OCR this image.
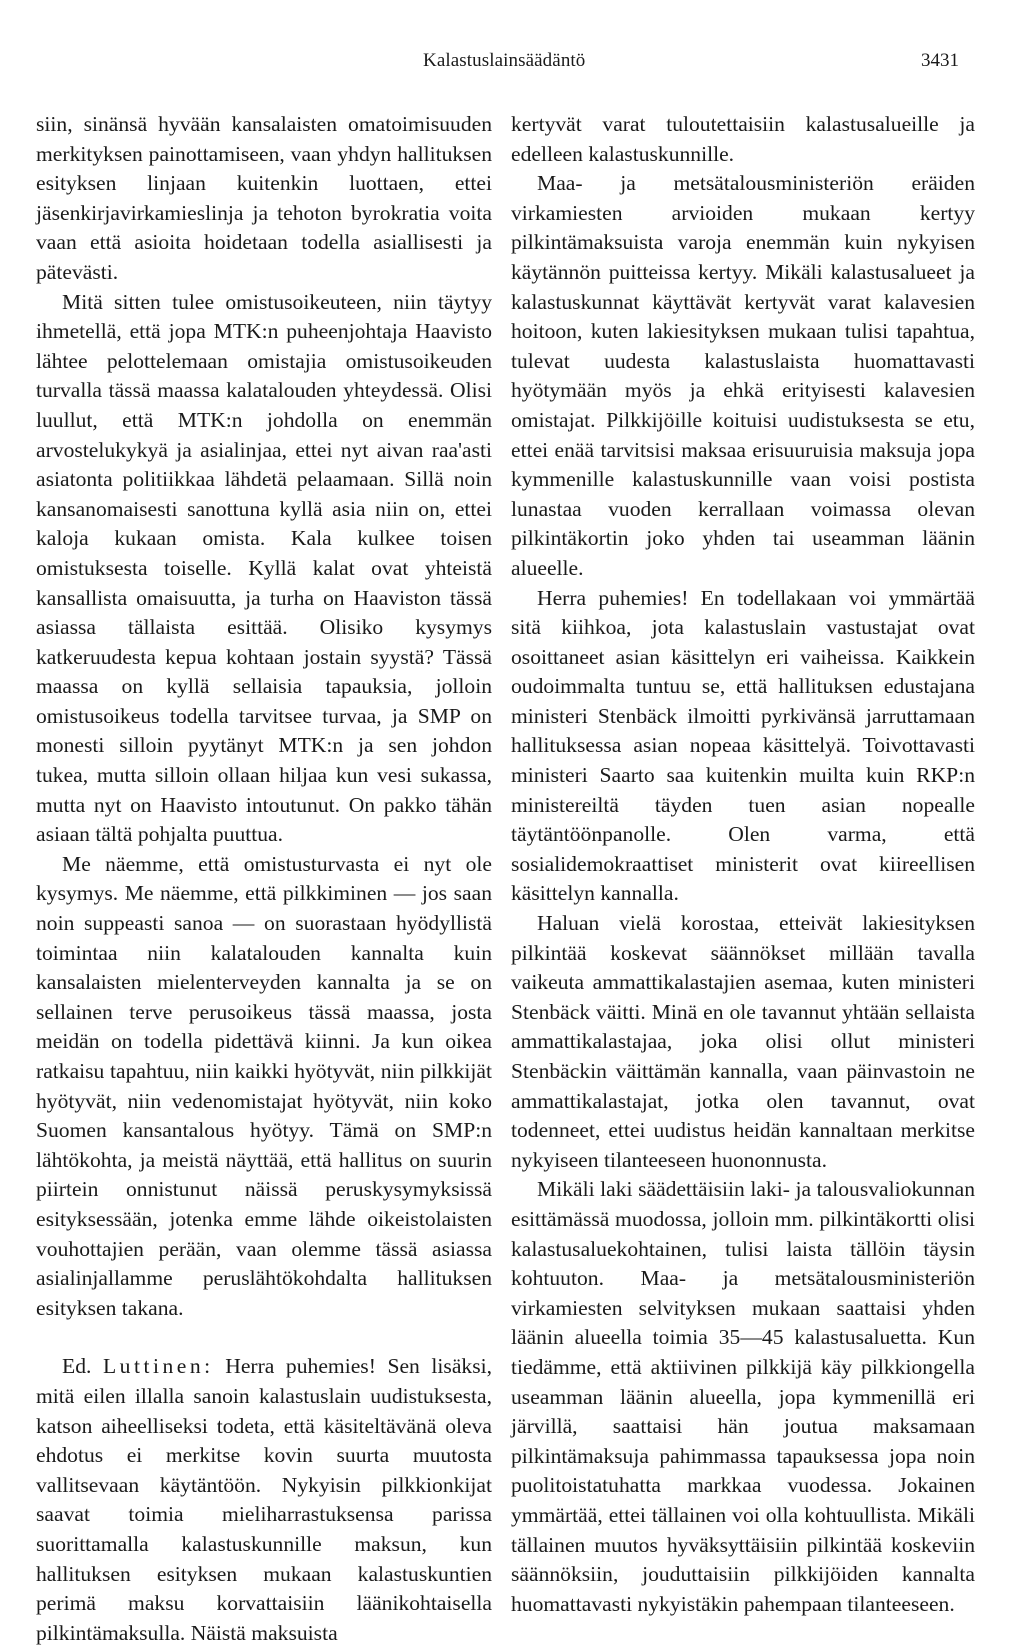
Kalastuslainsäädäntö	3431

siin, sinänsä hyvään kansalaisten omatoimisuuden merkityksen painottamiseen, vaan yhdyn hallituksen esityksen linjaan kuitenkin luottaen, ettei jäsenkirjavirkamieslinja ja tehoton byrokratia voita vaan että asioita hoidetaan todella asiallisesti ja pätevästi.

Mitä sitten tulee omistusoikeuteen, niin täytyy ihmetellä, että jopa MTK:n puheenjohtaja Haavisto lähtee pelottelemaan omistajia omistusoikeuden turvalla tässä maassa kalatalouden yhteydessä. Olisi luullut, että MTK:n johdolla on enemmän arvostelukykyä ja asialinjaa, ettei nyt aivan raa'asti asiatonta politiikkaa lähdetä pelaamaan. Sillä noin kansanomaisesti sanottuna kyllä asia niin on, ettei kaloja kukaan omista. Kala kulkee toisen omistuksesta toiselle. Kyllä kalat ovat yhteistä kansallista omaisuutta, ja turha on Haaviston tässä asiassa tällaista esittää. Olisiko kysymys katkeruudesta kepua kohtaan jostain syystä? Tässä maassa on kyllä sellaisia tapauksia, jolloin omistusoikeus todella tarvitsee turvaa, ja SMP on monesti silloin pyytänyt MTK:n ja sen johdon tukea, mutta silloin ollaan hiljaa kun vesi sukassa, mutta nyt on Haavisto intoutunut. On pakko tähän asiaan tältä pohjalta puuttua.

Me näemme, että omistusturvasta ei nyt ole kysymys. Me näemme, että pilkkiminen — jos saan noin suppeasti sanoa — on suorastaan hyödyllistä toimintaa niin kalatalouden kannalta kuin kansalaisten mielenterveyden kannalta ja se on sellainen terve perusoikeus tässä maassa, josta meidän on todella pidettävä kiinni. Ja kun oikea ratkaisu tapahtuu, niin kaikki hyötyvät, niin pilkkijät hyötyvät, niin vedenomistajat hyötyvät, niin koko Suomen kansantalous hyötyy. Tämä on SMP:n lähtökohta, ja meistä näyttää, että hallitus on suurin piirtein onnistunut näissä peruskysymyksissä esityksessään, jotenka emme lähde oikeistolaisten vouhottajien perään, vaan olemme tässä asiassa asialinjallamme peruslähtökohdalta hallituksen esityksen takana.

Ed. Luttinen: Herra puhemies! Sen lisäksi, mitä eilen illalla sanoin kalastuslain uudistuksesta, katson aiheelliseksi todeta, että käsiteltävänä oleva ehdotus ei merkitse kovin suurta muutosta vallitsevaan käytäntöön. Nykyisin pilkkionkijat saavat toimia mieliharrastuksensa parissa suorittamalla kalastuskunnille maksun, kun hallituksen esityksen mukaan kalastuskuntien perimä maksu korvattaisiin läänikohtaisella pilkintämaksulla. Näistä maksuista

kertyvät varat tuloutettaisiin kalastusalueille ja edelleen kalastuskunnille.

Maa- ja metsätalousministeriön eräiden virkamiesten arvioiden mukaan kertyy pilkintämaksuista varoja enemmän kuin nykyisen käytännön puitteissa kertyy. Mikäli kalastusalueet ja kalastuskunnat käyttävät kertyvät varat kalavesien hoitoon, kuten lakiesityksen mukaan tulisi tapahtua, tulevat uudesta kalastuslaista huomattavasti hyötymään myös ja ehkä erityisesti kalavesien omistajat. Pilkkijöille koituisi uudistuksesta se etu, ettei enää tarvitsisi maksaa erisuuruisia maksuja jopa kymmenille kalastuskunnille vaan voisi postista lunastaa vuoden kerrallaan voimassa olevan pilkintäkortin joko yhden tai useamman läänin alueelle.

Herra puhemies! En todellakaan voi ymmärtää sitä kiihkoa, jota kalastuslain vastustajat ovat osoittaneet asian käsittelyn eri vaiheissa. Kaikkein oudoimmalta tuntuu se, että hallituksen edustajana ministeri Stenbäck ilmoitti pyrkivänsä jarruttamaan hallituksessa asian nopeaa käsittelyä. Toivottavasti ministeri Saarto saa kuitenkin muilta kuin RKP:n ministereiltä täyden tuen asian nopealle täytäntöönpanolle. Olen varma, että sosialidemokraattiset ministerit ovat kiireellisen käsittelyn kannalla.

Haluan vielä korostaa, etteivät lakiesityksen pilkintää koskevat säännökset millään tavalla vaikeuta ammattikalastajien asemaa, kuten ministeri Stenbäck väitti. Minä en ole tavannut yhtään sellaista ammattikalastajaa, joka olisi ollut ministeri Stenbäckin väittämän kannalla, vaan päinvastoin ne ammattikalastajat, jotka olen tavannut, ovat todenneet, ettei uudistus heidän kannaltaan merkitse nykyiseen tilanteeseen huononnusta.

Mikäli laki säädettäisiin laki- ja talousvaliokunnan esittämässä muodossa, jolloin mm. pilkintäkortti olisi kalastusaluekohtainen, tulisi laista tällöin täysin kohtuuton. Maa- ja metsätalousministeriön virkamiesten selvityksen mukaan saattaisi yhden läänin alueella toimia 35—45 kalastusaluetta. Kun tiedämme, että aktiivinen pilkkijä käy pilkkiongella useamman läänin alueella, jopa kymmenillä eri järvillä, saattaisi hän joutua maksamaan pilkintämaksuja pahimmassa tapauksessa jopa noin puolitoistatuhatta markkaa vuodessa. Jokainen ymmärtää, ettei tällainen voi olla kohtuullista. Mikäli tällainen muutos hyväksyttäisiin pilkintää koskeviin säännöksiin, jouduttaisiin pilkkijöiden kannalta huomattavasti nykyistäkin pahempaan tilanteeseen.
